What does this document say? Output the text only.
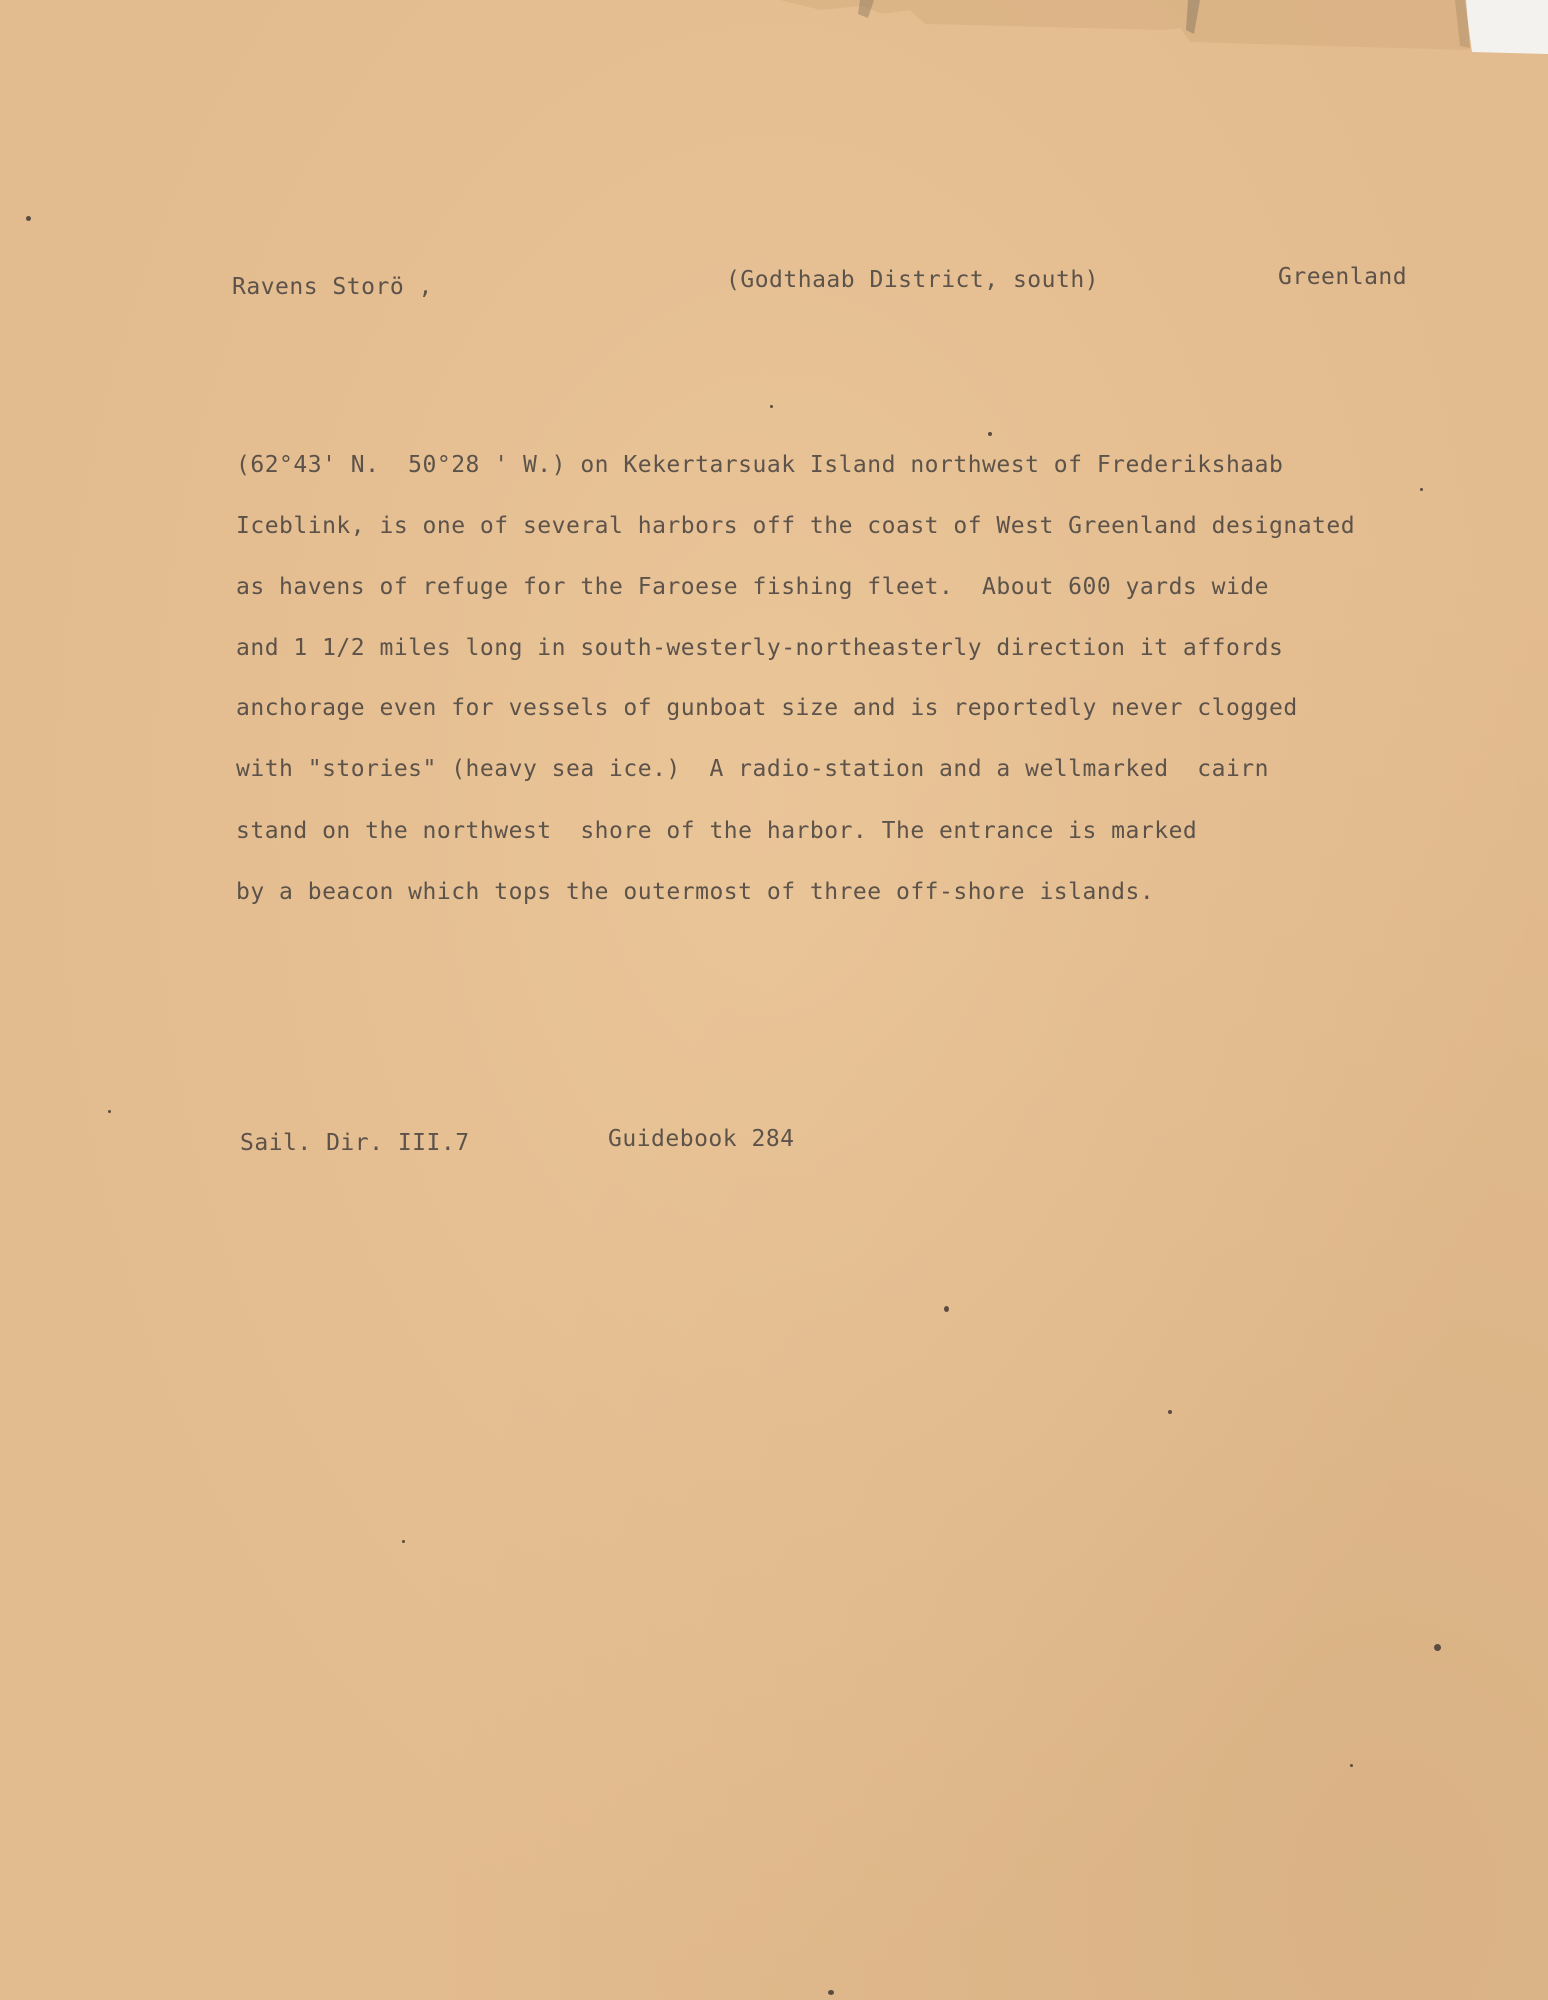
Ravens Storö ,	(Godthaab District, south)	Greenland
(62°43' N.  50°28 ' W.) on Kekertarsuak Island northwest of Frederikshaab
Iceblink, is one of several harbors off the coast of West Greenland designated
as havens of refuge for the Faroese fishing fleet.  About 600 yards wide
and 1 1/2 miles long in south-westerly-northeasterly direction it affords
anchorage even for vessels of gunboat size and is reportedly never clogged
with "stories" (heavy sea ice.)  A radio-station and a wellmarked  cairn
stand on the northwest  shore of the harbor. The entrance is marked
by a beacon which tops the outermost of three off-shore islands.
Sail. Dir. III.7	Guidebook 284
